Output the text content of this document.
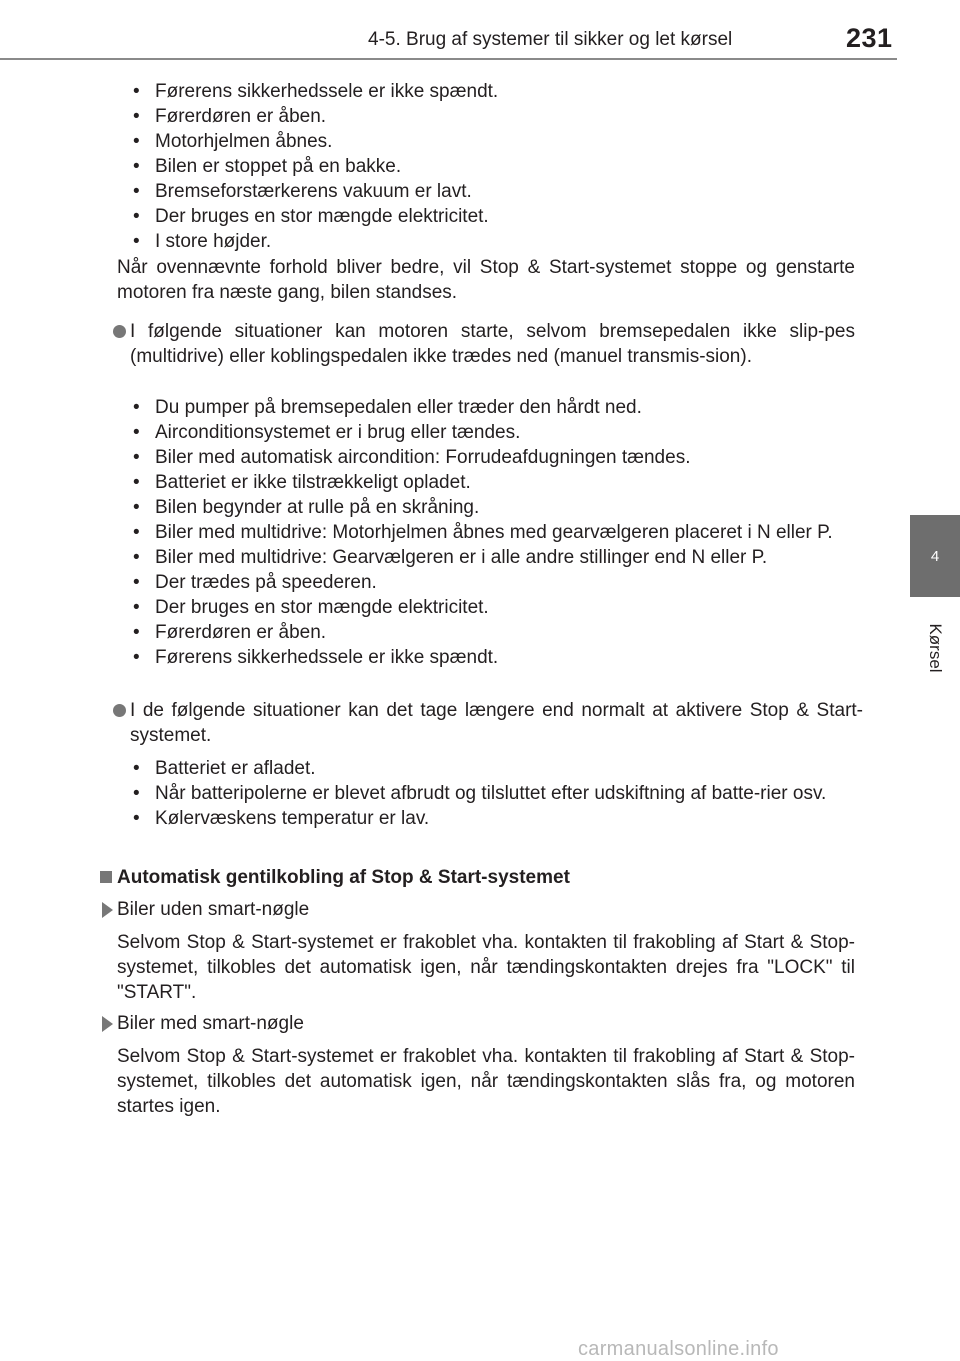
4-5. Brug af systemer til sikker og let kørsel	231
4
Kørsel
• Førerens sikkerhedssele er ikke spændt.
• Førerdøren er åben.
• Motorhjelmen åbnes.
• Bilen er stoppet på en bakke.
• Bremseforstærkerens vakuum er lavt.
• Der bruges en stor mængde elektricitet.
• I store højder.

Når ovennævnte forhold bliver bedre, vil Stop & Start-systemet stoppe og genstarte motoren fra næste gang, bilen standses.

I følgende situationer kan motoren starte, selvom bremsepedalen ikke slip-pes (multidrive) eller koblingspedalen ikke trædes ned (manuel transmis-sion).

• Du pumper på bremsepedalen eller træder den hårdt ned.
• Airconditionsystemet er i brug eller tændes.
• Biler med automatisk aircondition: Forrudeafdugningen tændes.
• Batteriet er ikke tilstrækkeligt opladet.
• Bilen begynder at rulle på en skråning.
• Biler med multidrive: Motorhjelmen åbnes med gearvælgeren placeret i N eller P.
• Biler med multidrive: Gearvælgeren er i alle andre stillinger end N eller P.
• Der trædes på speederen.
• Der bruges en stor mængde elektricitet.
• Førerdøren er åben.
• Førerens sikkerhedssele er ikke spændt.

I de følgende situationer kan det tage længere end normalt at aktivere Stop & Start-systemet.

• Batteriet er afladet.
• Når batteripolerne er blevet afbrudt og tilsluttet efter udskiftning af batte-rier osv.
• Kølervæskens temperatur er lav.
Automatisk gentilkobling af Stop & Start-systemet
Biler uden smart-nøgle

Selvom Stop & Start-systemet er frakoblet vha. kontakten til frakobling af Start & Stop-systemet, tilkobles det automatisk igen, når tændingskontakten drejes fra "LOCK" til "START".

Biler med smart-nøgle

Selvom Stop & Start-systemet er frakoblet vha. kontakten til frakobling af Start & Stop-systemet, tilkobles det automatisk igen, når tændingskontakten slås fra, og motoren startes igen.

carmanualsonline.info
